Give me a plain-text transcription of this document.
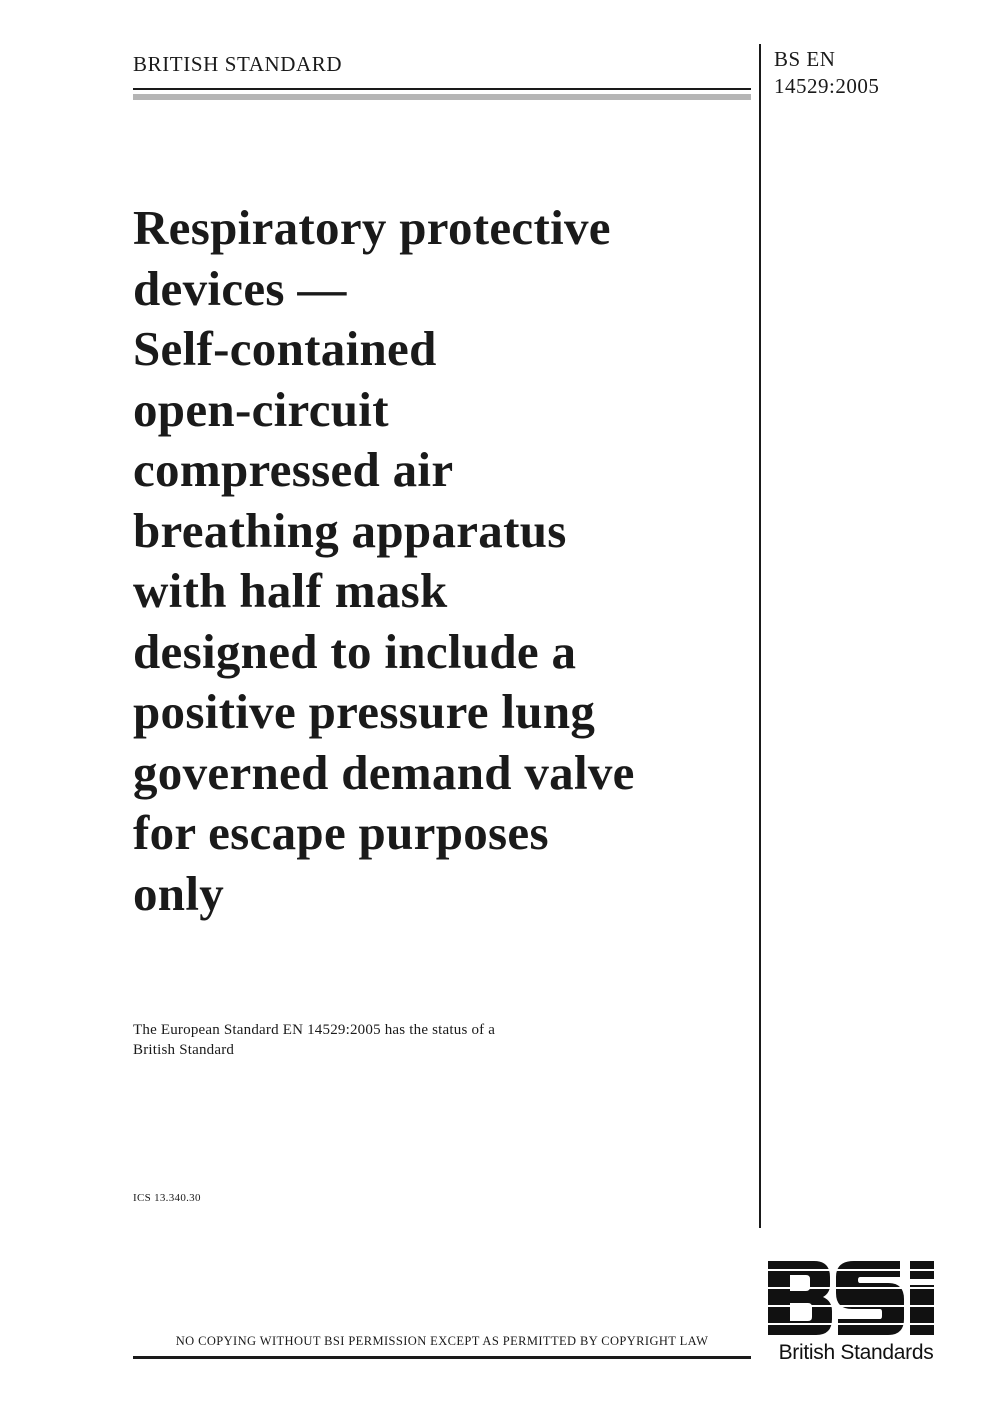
BRITISH STANDARD	BS EN
14529:2005
Respiratory protective
devices —
Self-contained
open-circuit
compressed air
breathing apparatus
with half mask
designed to include a
positive pressure lung
governed demand valve
for escape purposes
only
The European Standard EN 14529:2005 has the status of a
British Standard
ICS 13.340.30
NO COPYING WITHOUT BSI PERMISSION EXCEPT AS PERMITTED BY COPYRIGHT LAW	British Standards
